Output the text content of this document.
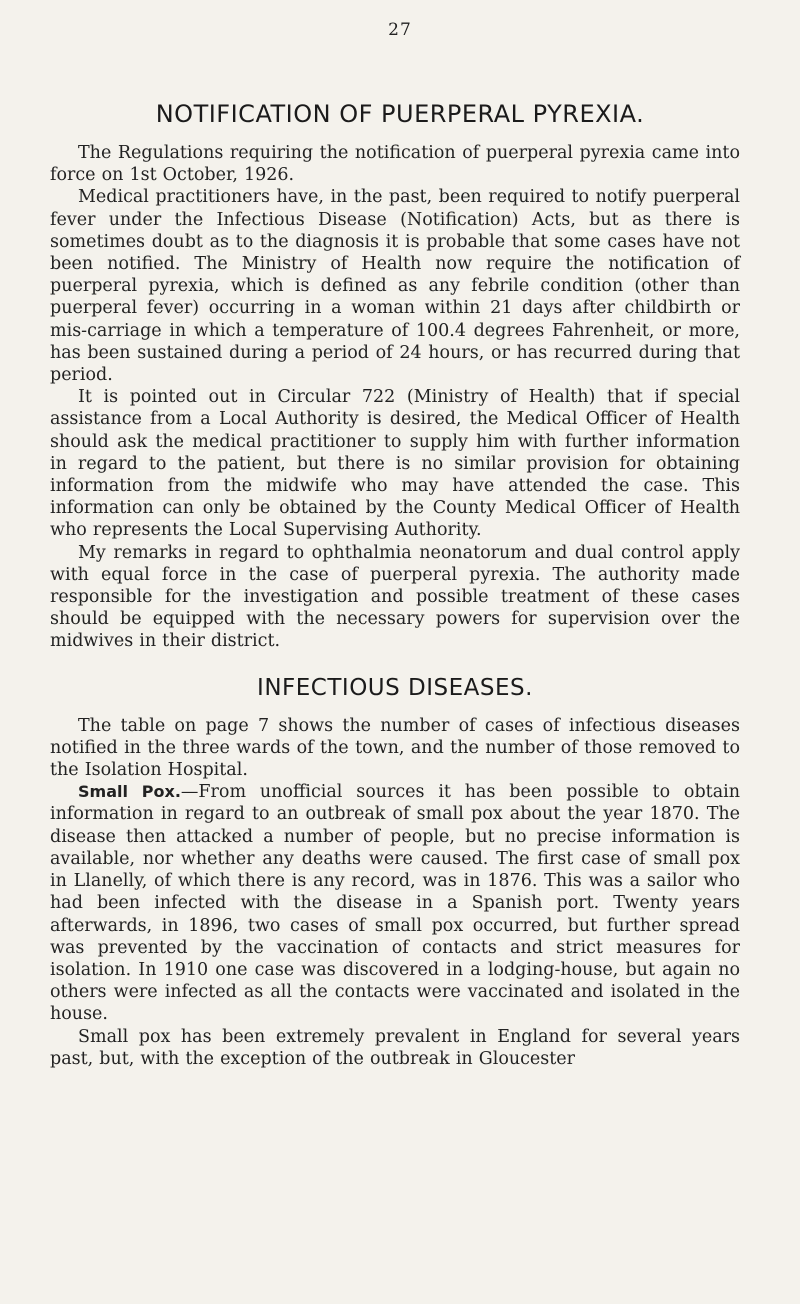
27
NOTIFICATION OF PUERPERAL PYREXIA.

The Regulations requiring the notification of puerperal pyrexia came into force on 1st October, 1926.

Medical practitioners have, in the past, been required to notify puerperal fever under the Infectious Disease (Notification) Acts, but as there is sometimes doubt as to the diagnosis it is probable that some cases have not been notified. The Ministry of Health now require the notification of puerperal pyrexia, which is defined as any febrile condition (other than puerperal fever) occurring in a woman within 21 days after childbirth or mis-carriage in which a temperature of 100.4 degrees Fahrenheit, or more, has been sustained during a period of 24 hours, or has recurred during that period.

It is pointed out in Circular 722 (Ministry of Health) that if special assistance from a Local Authority is desired, the Medical Officer of Health should ask the medical practitioner to supply him with further information in regard to the patient, but there is no similar provision for obtaining information from the midwife who may have attended the case. This information can only be obtained by the County Medical Officer of Health who represents the Local Supervising Authority.

My remarks in regard to ophthalmia neonatorum and dual control apply with equal force in the case of puerperal pyrexia. The authority made responsible for the investigation and possible treatment of these cases should be equipped with the necessary powers for supervision over the midwives in their district.

INFECTIOUS DISEASES.

The table on page 7 shows the number of cases of infectious diseases notified in the three wards of the town, and the number of those removed to the Isolation Hospital.

Small Pox.—From unofficial sources it has been possible to obtain information in regard to an outbreak of small pox about the year 1870. The disease then attacked a number of people, but no precise information is available, nor whether any deaths were caused. The first case of small pox in Llanelly, of which there is any record, was in 1876. This was a sailor who had been infected with the disease in a Spanish port. Twenty years afterwards, in 1896, two cases of small pox occurred, but further spread was prevented by the vaccination of contacts and strict measures for isolation. In 1910 one case was discovered in a lodging-house, but again no others were infected as all the contacts were vaccinated and isolated in the house.

Small pox has been extremely prevalent in England for several years past, but, with the exception of the outbreak in Gloucester
